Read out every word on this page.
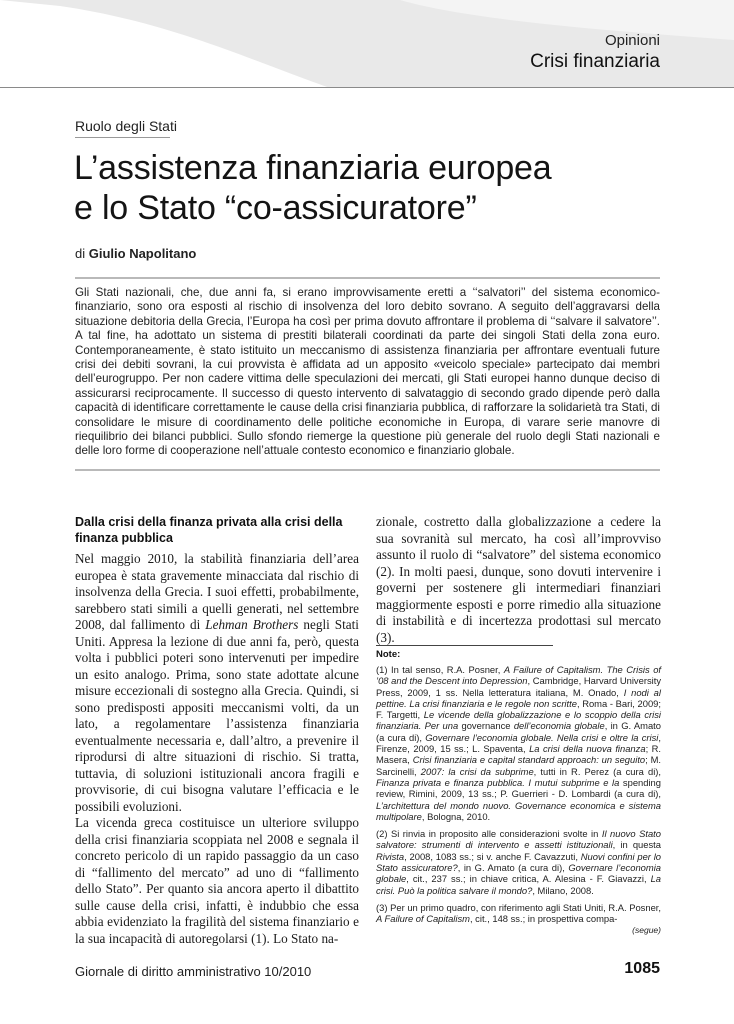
Opinioni
Crisi finanziaria
Ruolo degli Stati
L’assistenza finanziaria europea
e lo Stato “co-assicuratore”
di Giulio Napolitano

Gli Stati nazionali, che, due anni fa, si erano improvvisamente eretti a ‘‘salvatori’’ del sistema economico-finanziario, sono ora esposti al rischio di insolvenza del loro debito sovrano. A seguito dell’aggravarsi della situazione debitoria della Grecia, l’Europa ha così per prima dovuto affrontare il problema di ‘‘salvare il salvatore’’. A tal fine, ha adottato un sistema di prestiti bilaterali coordinati da parte dei singoli Stati della zona euro. Contemporaneamente, è stato istituito un meccanismo di assistenza finanziaria per affrontare eventuali future crisi dei debiti sovrani, la cui provvista è affidata ad un apposito «veicolo speciale» partecipato dai membri dell’eurogruppo. Per non cadere vittima delle speculazioni dei mercati, gli Stati europei hanno dunque deciso di assicurarsi reciprocamente. Il successo di questo intervento di salvataggio di secondo grado dipende però dalla capacità di identificare correttamente le cause della crisi finanziaria pubblica, di rafforzare la solidarietà tra Stati, di consolidare le misure di coordinamento delle politiche economiche in Europa, di varare serie manovre di riequilibrio dei bilanci pubblici. Sullo sfondo riemerge la questione più generale del ruolo degli Stati nazionali e delle loro forme di cooperazione nell’attuale contesto economico e finanziario globale.

Dalla crisi della finanza privata alla crisi della finanza pubblica

Nel maggio 2010, la stabilità finanziaria dell’area europea è stata gravemente minacciata dal rischio di insolvenza della Grecia. I suoi effetti, probabilmente, sarebbero stati simili a quelli generati, nel settembre 2008, dal fallimento di Lehman Brothers negli Stati Uniti. Appresa la lezione di due anni fa, però, questa volta i pubblici poteri sono intervenuti per impedire un esito analogo. Prima, sono state adottate alcune misure eccezionali di sostegno alla Grecia. Quindi, si sono predisposti appositi meccanismi volti, da un lato, a regolamentare l’assistenza finanziaria eventualmente necessaria e, dall’altro, a prevenire il riprodursi di altre situazioni di rischio. Si tratta, tuttavia, di soluzioni istituzionali ancora fragili e provvisorie, di cui bisogna valutare l’efficacia e le possibili evoluzioni.

La vicenda greca costituisce un ulteriore sviluppo della crisi finanziaria scoppiata nel 2008 e segnala il concreto pericolo di un rapido passaggio da un caso di “fallimento del mercato” ad uno di “fallimento dello Stato”. Per quanto sia ancora aperto il dibattito sulle cause della crisi, infatti, è indubbio che essa abbia evidenziato la fragilità del sistema finanziario e la sua incapacità di autoregolarsi (1). Lo Stato na-

zionale, costretto dalla globalizzazione a cedere la sua sovranità sul mercato, ha così all’improvviso assunto il ruolo di “salvatore” del sistema economico (2). In molti paesi, dunque, sono dovuti intervenire i governi per sostenere gli intermediari finanziari maggiormente esposti e porre rimedio alla situazione di instabilità e di incertezza prodottasi sul mercato (3).

Note:

(1) In tal senso, R.A. Posner, A Failure of Capitalism. The Crisis of ’08 and the Descent into Depression, Cambridge, Harvard University Press, 2009, 1 ss. Nella letteratura italiana, M. Onado, I nodi al pettine. La crisi finanziaria e le regole non scritte, Roma - Bari, 2009; F. Targetti, Le vicende della globalizzazione e lo scoppio della crisi finanziaria. Per una governance dell’economia globale, in G. Amato (a cura di), Governare l’economia globale. Nella crisi e oltre la crisi, Firenze, 2009, 15 ss.; L. Spaventa, La crisi della nuova finanza; R. Masera, Crisi finanziaria e capital standard approach: un seguito; M. Sarcinelli, 2007: la crisi da subprime, tutti in R. Perez (a cura di), Finanza privata e finanza pubblica. I mutui subprime e la spending review, Rimini, 2009, 13 ss.; P. Guerrieri - D. Lombardi (a cura di), L’architettura del mondo nuovo. Governance economica e sistema multipolare, Bologna, 2010.

(2) Si rinvia in proposito alle considerazioni svolte in Il nuovo Stato salvatore: strumenti di intervento e assetti istituzionali, in questa Rivista, 2008, 1083 ss.; si v. anche F. Cavazzuti, Nuovi confini per lo Stato assicuratore?, in G. Amato (a cura di), Governare l’economia globale, cit., 237 ss.; in chiave critica, A. Alesina - F. Giavazzi, La crisi. Può la politica salvare il mondo?, Milano, 2008.

(3) Per un primo quadro, con riferimento agli Stati Uniti, R.A. Posner, A Failure of Capitalism, cit., 148 ss.; in prospettiva compa-

(segue)
Giornale di diritto amministrativo 10/2010	1085
